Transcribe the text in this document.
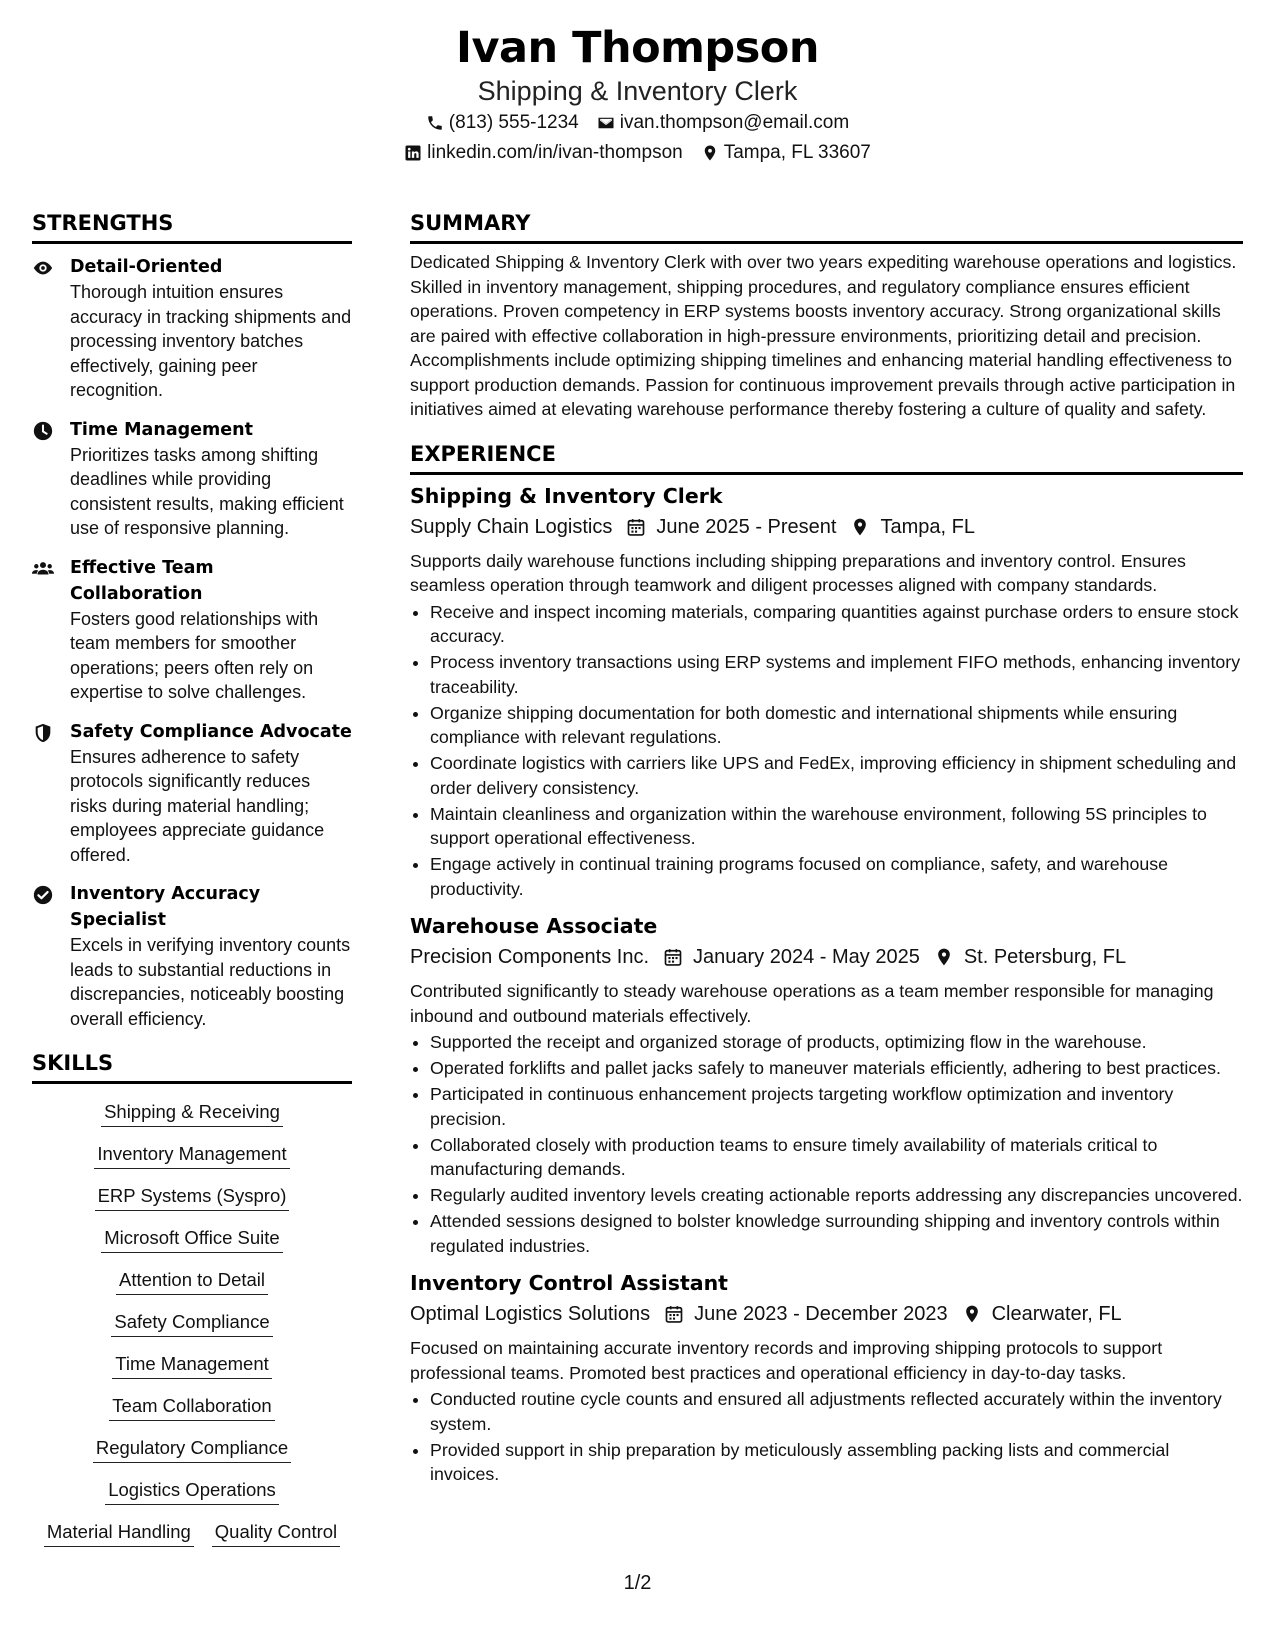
Ivan Thompson
Shipping & Inventory Clerk
(813) 555-1234 ivan.thompson@email.com
linkedin.com/in/ivan-thompson Tampa, FL 33607
STRENGTHS
Detail-Oriented
Thorough intuition ensures accuracy in tracking shipments and processing inventory batches effectively, gaining peer recognition.
Time Management
Prioritizes tasks among shifting deadlines while providing consistent results, making efficient use of responsive planning.
Effective Team Collaboration
Fosters good relationships with team members for smoother operations; peers often rely on expertise to solve challenges.
Safety Compliance Advocate
Ensures adherence to safety protocols significantly reduces risks during material handling; employees appreciate guidance offered.
Inventory Accuracy Specialist
Excels in verifying inventory counts leads to substantial reductions in discrepancies, noticeably boosting overall efficiency.
SKILLS
Shipping & Receiving
Inventory Management
ERP Systems (Syspro)
Microsoft Office Suite
Attention to Detail
Safety Compliance
Time Management
Team Collaboration
Regulatory Compliance
Logistics Operations
Material Handling Quality Control
SUMMARY
Dedicated Shipping & Inventory Clerk with over two years expediting warehouse operations and logistics. Skilled in inventory management, shipping procedures, and regulatory compliance ensures efficient operations. Proven competency in ERP systems boosts inventory accuracy. Strong organizational skills are paired with effective collaboration in high-pressure environments, prioritizing detail and precision. Accomplishments include optimizing shipping timelines and enhancing material handling effectiveness to support production demands. Passion for continuous improvement prevails through active participation in initiatives aimed at elevating warehouse performance thereby fostering a culture of quality and safety.
EXPERIENCE
Shipping & Inventory Clerk
Supply Chain Logistics June 2025 - Present Tampa, FL
Supports daily warehouse functions including shipping preparations and inventory control. Ensures seamless operation through teamwork and diligent processes aligned with company standards.
• Receive and inspect incoming materials, comparing quantities against purchase orders to ensure stock accuracy.
• Process inventory transactions using ERP systems and implement FIFO methods, enhancing inventory traceability.
• Organize shipping documentation for both domestic and international shipments while ensuring compliance with relevant regulations.
• Coordinate logistics with carriers like UPS and FedEx, improving efficiency in shipment scheduling and order delivery consistency.
• Maintain cleanliness and organization within the warehouse environment, following 5S principles to support operational effectiveness.
• Engage actively in continual training programs focused on compliance, safety, and warehouse productivity.
Warehouse Associate
Precision Components Inc. January 2024 - May 2025 St. Petersburg, FL
Contributed significantly to steady warehouse operations as a team member responsible for managing inbound and outbound materials effectively.
• Supported the receipt and organized storage of products, optimizing flow in the warehouse.
• Operated forklifts and pallet jacks safely to maneuver materials efficiently, adhering to best practices.
• Participated in continuous enhancement projects targeting workflow optimization and inventory precision.
• Collaborated closely with production teams to ensure timely availability of materials critical to manufacturing demands.
• Regularly audited inventory levels creating actionable reports addressing any discrepancies uncovered.
• Attended sessions designed to bolster knowledge surrounding shipping and inventory controls within regulated industries.
Inventory Control Assistant
Optimal Logistics Solutions June 2023 - December 2023 Clearwater, FL
Focused on maintaining accurate inventory records and improving shipping protocols to support professional teams. Promoted best practices and operational efficiency in day-to-day tasks.
• Conducted routine cycle counts and ensured all adjustments reflected accurately within the inventory system.
• Provided support in ship preparation by meticulously assembling packing lists and commercial invoices.
1/2
